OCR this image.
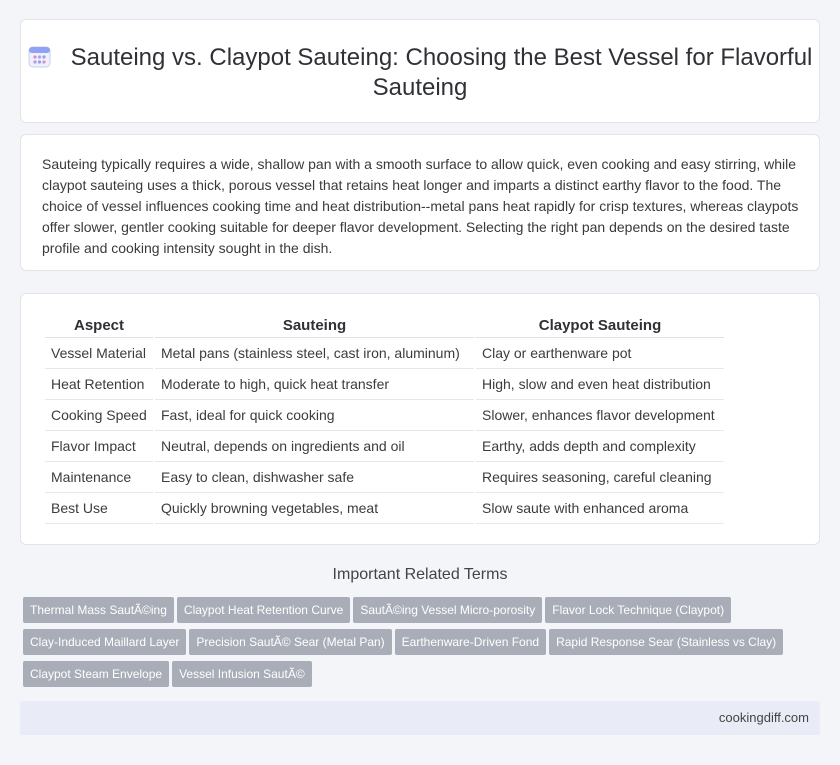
Sauteing vs. Claypot Sauteing: Choosing the Best Vessel for Flavorful Sauteing

Sauteing typically requires a wide, shallow pan with a smooth surface to allow quick, even cooking and easy stirring, while claypot sauteing uses a thick, porous vessel that retains heat longer and imparts a distinct earthy flavor to the food. The choice of vessel influences cooking time and heat distribution--metal pans heat rapidly for crisp textures, whereas claypots offer slower, gentler cooking suitable for deeper flavor development. Selecting the right pan depends on the desired taste profile and cooking intensity sought in the dish.

Aspect	Sauteing	Claypot Sauteing
Vessel Material	Metal pans (stainless steel, cast iron, aluminum)	Clay or earthenware pot
Heat Retention	Moderate to high, quick heat transfer	High, slow and even heat distribution
Cooking Speed	Fast, ideal for quick cooking	Slower, enhances flavor development
Flavor Impact	Neutral, depends on ingredients and oil	Earthy, adds depth and complexity
Maintenance	Easy to clean, dishwasher safe	Requires seasoning, careful cleaning
Best Use	Quickly browning vegetables, meat	Slow saute with enhanced aroma
Important Related Terms
Thermal Mass SautÃ©ing Claypot Heat Retention Curve SautÃ©ing Vessel Micro-porosity Flavor Lock Technique (Claypot)Clay-Induced Maillard Layer Precision SautÃ© Sear (Metal Pan) Earthenware-Driven Fond Rapid Response Sear (Stainless vs Clay)Claypot Steam Envelope Vessel Infusion SautÃ©
cookingdiff.com
